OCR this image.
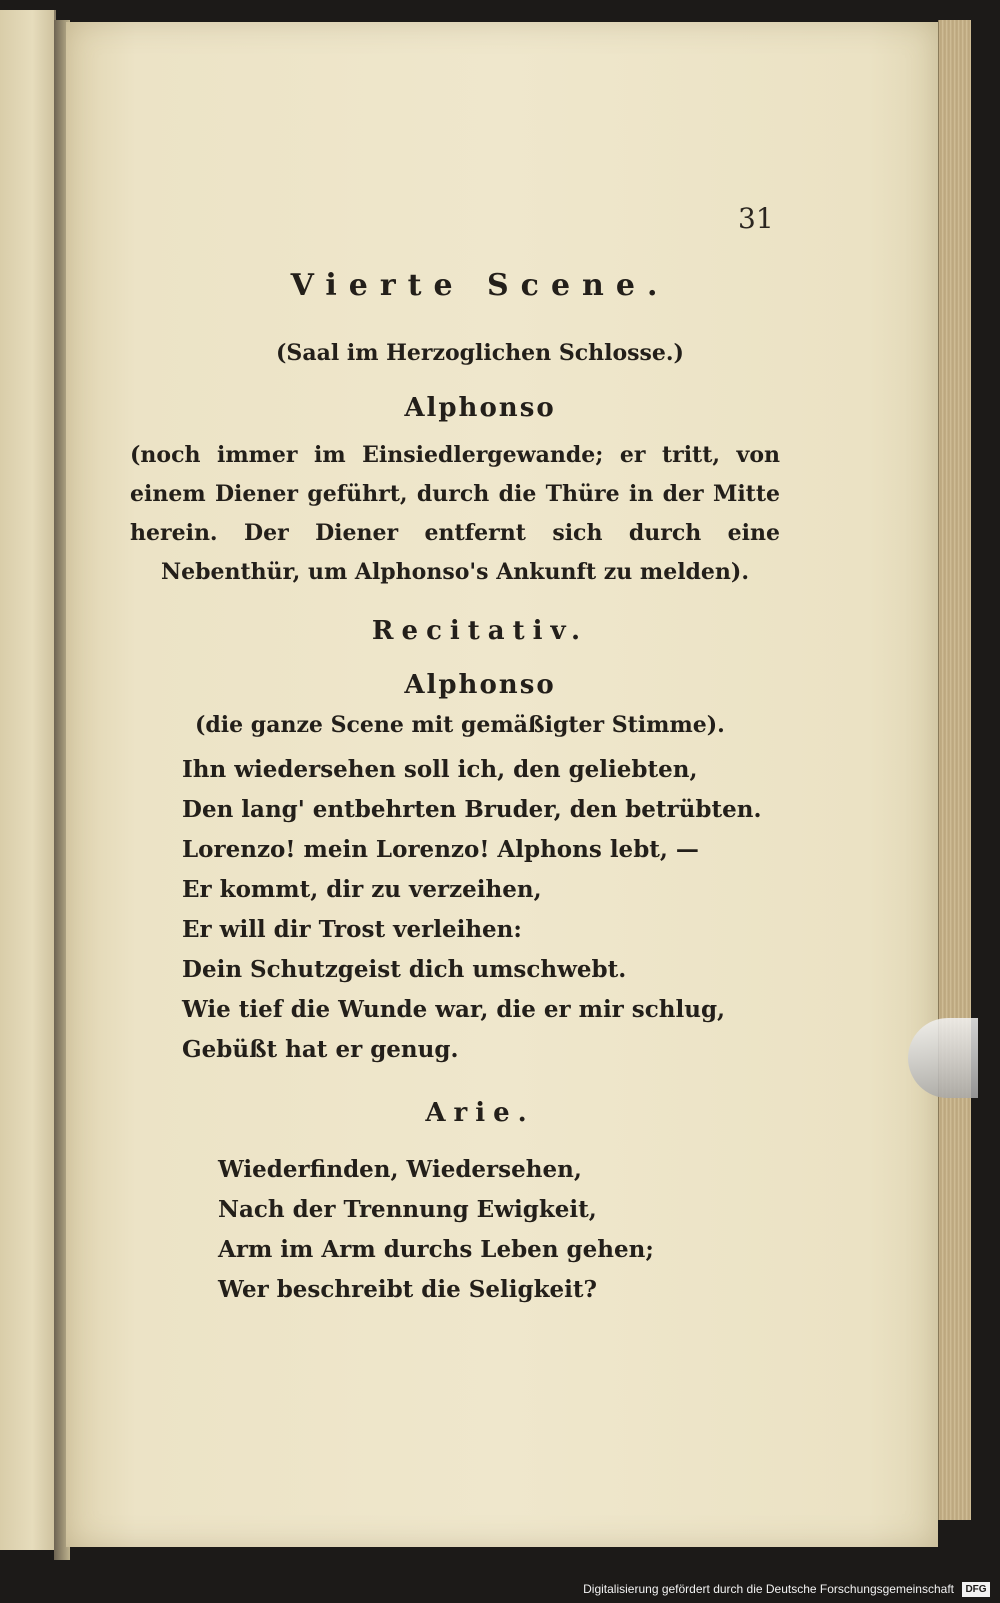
31
Vierte Scene.
(Saal im Herzoglichen Schlosse.)
Alphonso
(noch immer im Einsiedlergewande; er tritt, von einem Diener geführt, durch die Thüre in der Mitte herein. Der Diener entfernt sich durch eine Nebenthür, um Alphonso's Ankunft zu melden).
Recitativ.
Alphonso
(die ganze Scene mit gemäßigter Stimme).
Ihn wiedersehen soll ich, den geliebten,
Den lang' entbehrten Bruder, den betrübten.
Lorenzo! mein Lorenzo! Alphons lebt, —
Er kommt, dir zu verzeihen,
Er will dir Trost verleihen:
Dein Schutzgeist dich umschwebt.
Wie tief die Wunde war, die er mir schlug,
Gebüßt hat er genug.
Arie.
Wiederfinden, Wiedersehen,
Nach der Trennung Ewigkeit,
Arm im Arm durchs Leben gehen;
Wer beschreibt die Seligkeit?
Digitalisierung gefördert durch die Deutsche Forschungsgemeinschaft	DFG
